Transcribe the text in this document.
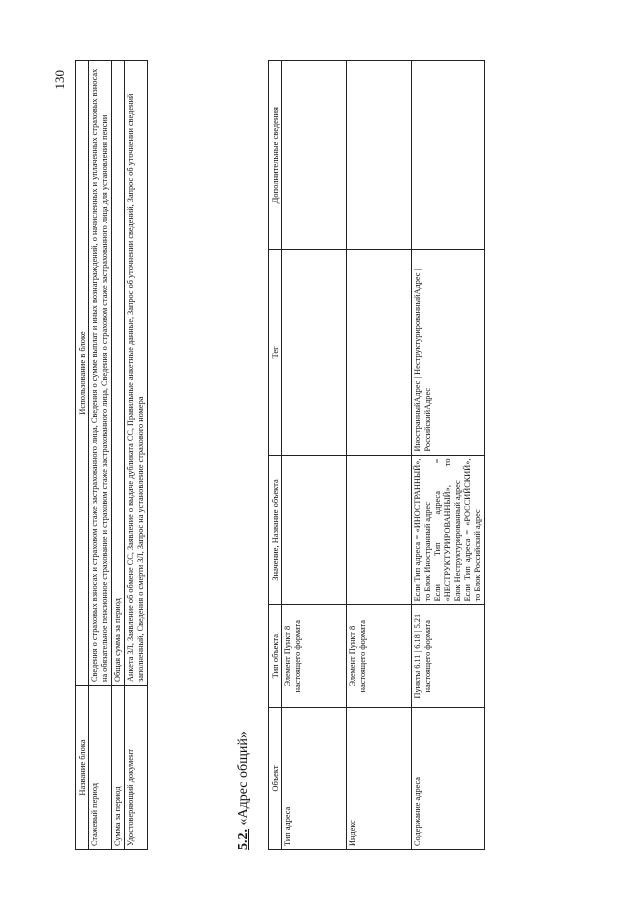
130
Название блока	Использование в блоке
Стажевый период	Сведения о страховых взносах и страховом стаже застрахованного лица, Сведения о сумме выплат и иных вознаграждений, о начисленных и уплаченных страховых взносах на обязательное пенсионное страхование и страховом стаже застрахованного лица, Сведения о страховом стаже застрахованного лица для установления пенсии
Сумма за период	Общая сумма за период
Удостоверяющий документ	Анкета ЗЛ, Заявление об обмене СС, Заявление о выдаче дубликата СС, Правильные анкетные данные, Запрос об уточнении сведений, Запрос об уточнении сведений заполненный, Сведения о смерти ЗЛ, Запрос на установление страхового номера
5.2. «Адрес общий» Объект	Тип объекта	Значение, Название объекта	Тег	Дополнительные сведения
Тип адреса	Элемент Пункт 8 настоящего формата			
Индекс	Элемент Пункт 8 настоящего формата			
Содержание адреса	Пункты 6.11 | 6.18 | 5.21 настоящего формата	Если Тип адреса = «ИНОСТРАННЫЙ», то Блок Иностранный адрес Если Тип адреса = «НЕСТРУКТУРИРОВАННЫЙ», то Блок Неструктурированный адрес Если Тип адреса = «РОССИЙСКИЙ», то Блок Российский адрес	ИностранныйАдрес | НеструктурированныйАдрес | РоссийскийАдрес	
